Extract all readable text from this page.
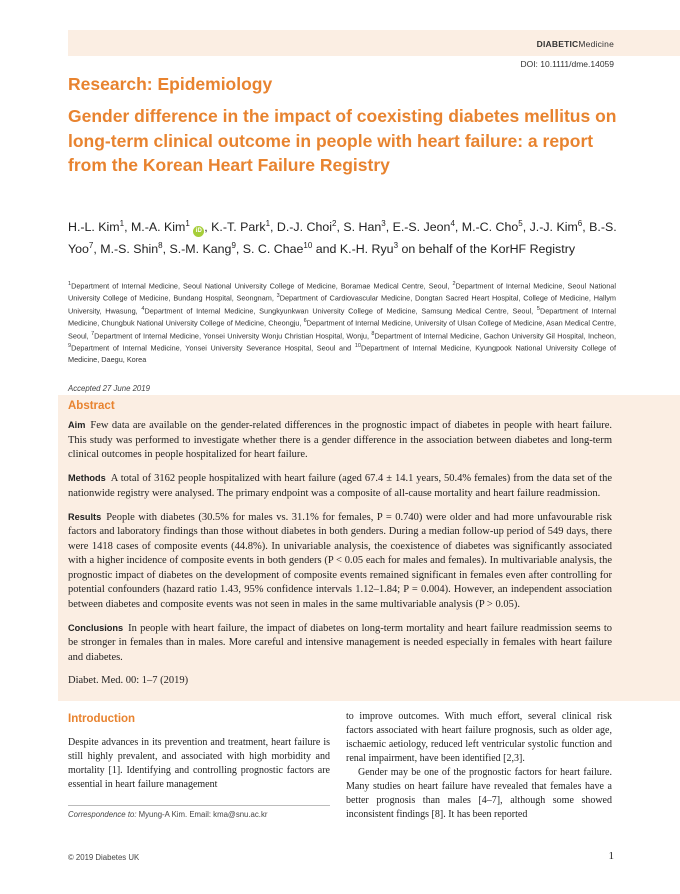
DIABETICMedicine
DOI: 10.1111/dme.14059
Research: Epidemiology
Gender difference in the impact of coexisting diabetes mellitus on long-term clinical outcome in people with heart failure: a report from the Korean Heart Failure Registry
H.-L. Kim$^1$, M.-A. Kim$^1$ iD , K.-T. Park$^1$, D.-J. Choi$^2$, S. Han$^3$, E.-S. Jeon$^4$, M.-C. Cho$^5$, J.-J. Kim$^6$, B.-S. Yoo$^7$, M.-S. Shin$^8$, S.-M. Kang$^9$, S. C. Chae$^{10}$ and K.-H. Ryu$^3$ on behalf of the KorHF Registry
$^1$Department of Internal Medicine, Seoul National University College of Medicine, Boramae Medical Centre, Seoul, $^2$Department of Internal Medicine, Seoul National University College of Medicine, Bundang Hospital, Seongnam, $^3$Department of Cardiovascular Medicine, Dongtan Sacred Heart Hospital, College of Medicine, Hallym University, Hwasung, $^4$Department of Internal Medicine, Sungkyunkwan University College of Medicine, Samsung Medical Centre, Seoul, $^5$Department of Internal Medicine, Chungbuk National University College of Medicine, Cheongju, $^6$Department of Internal Medicine, University of Ulsan College of Medicine, Asan Medical Centre, Seoul, $^7$Department of Internal Medicine, Yonsei University Wonju Christian Hospital, Wonju, $^8$Department of Internal Medicine, Gachon University Gil Hospital, Incheon, $^9$Department of Internal Medicine, Yonsei University Severance Hospital, Seoul and $^{10}$Department of Internal Medicine, Kyungpook National University College of Medicine, Daegu, Korea
Accepted 27 June 2019
Abstract

Aim Few data are available on the gender-related differences in the prognostic impact of diabetes in people with heart failure. This study was performed to investigate whether there is a gender difference in the association between diabetes and long-term clinical outcomes in people hospitalized for heart failure.

Methods A total of 3162 people hospitalized with heart failure (aged 67.4 ± 14.1 years, 50.4% females) from the data set of the nationwide registry were analysed. The primary endpoint was a composite of all-cause mortality and heart failure readmission.

Results People with diabetes (30.5% for males vs. 31.1% for females, P = 0.740) were older and had more unfavourable risk factors and laboratory findings than those without diabetes in both genders. During a median follow-up period of 549 days, there were 1418 cases of composite events (44.8%). In univariable analysis, the coexistence of diabetes was significantly associated with a higher incidence of composite events in both genders (P < 0.05 each for males and females). In multivariable analysis, the prognostic impact of diabetes on the development of composite events remained significant in females even after controlling for potential confounders (hazard ratio 1.43, 95% confidence intervals 1.12–1.84; P = 0.004). However, an independent association between diabetes and composite events was not seen in males in the same multivariable analysis (P > 0.05).

Conclusions In people with heart failure, the impact of diabetes on long-term mortality and heart failure readmission seems to be stronger in females than in males. More careful and intensive management is needed especially in females with heart failure and diabetes.

Diabet. Med. 00: 1–7 (2019)

Introduction

Despite advances in its prevention and treatment, heart failure is still highly prevalent, and associated with high morbidity and mortality [1]. Identifying and controlling prognostic factors are essential in heart failure management

to improve outcomes. With much effort, several clinical risk factors associated with heart failure prognosis, such as older age, ischaemic aetiology, reduced left ventricular systolic function and renal impairment, have been identified [2,3].

Gender may be one of the prognostic factors for heart failure. Many studies on heart failure have revealed that females have a better prognosis than males [4–7], although some showed inconsistent findings [8]. It has been reported

Correspondence to: Myung-A Kim. Email: kma@snu.ac.kr
© 2019 Diabetes UK	1
